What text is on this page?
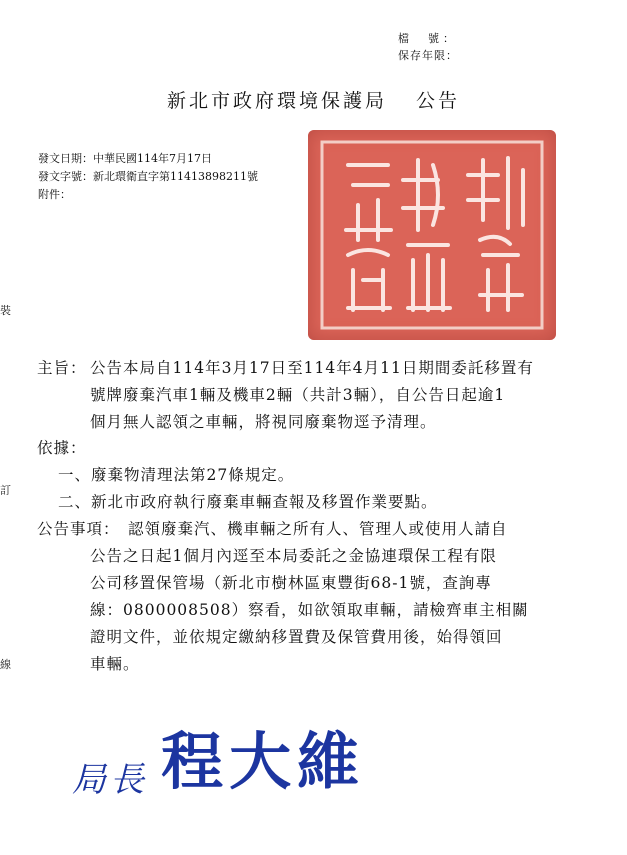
檔　號：
保存年限：
新北市政府環境保護局 公告
發文日期：中華民國114年7月17日
發文字號：新北環衛直字第11413898211號
附件：
裝
訂
線
主旨： 公告本局自114年3月17日至114年4月11日期間委託移置有
號牌廢棄汽車1輛及機車2輛（共計3輛），自公告日起逾1
個月無人認領之車輛，將視同廢棄物逕予清理。
依據：
一、廢棄物清理法第27條規定。
二、新北市政府執行廢棄車輛查報及移置作業要點。
公告事項： 認領廢棄汽、機車輛之所有人、管理人或使用人請自
公告之日起1個月內逕至本局委託之金協連環保工程有限
公司移置保管場（新北市樹林區東豐街68-1號，查詢專
線：0800008508）察看，如欲領取車輛，請檢齊車主相關
證明文件，並依規定繳納移置費及保管費用後，始得領回
車輛。
局長 程大維
